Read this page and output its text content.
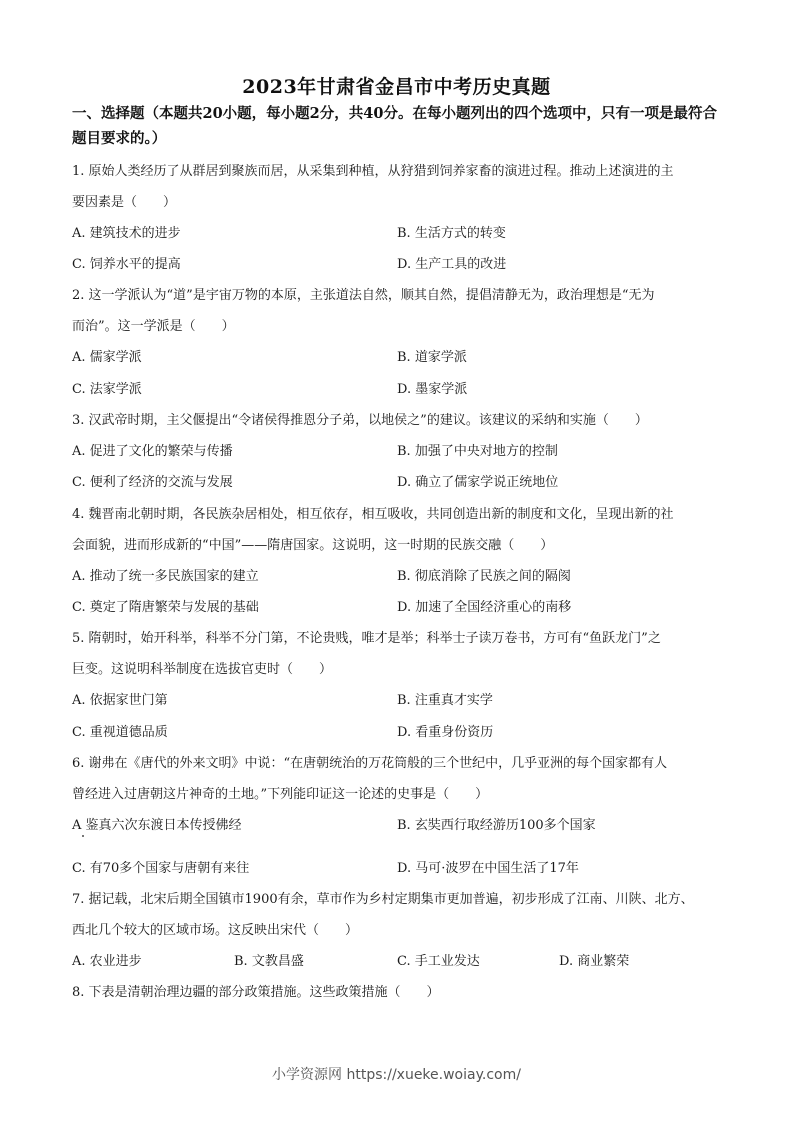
2023年甘肃省金昌市中考历史真题
一、选择题（本题共20小题，每小题2分，共40分。在每小题列出的四个选项中，只有一项是最符合题目要求的。）
1. 原始人类经历了从群居到聚族而居，从采集到种植，从狩猎到饲养家畜的演进过程。推动上述演进的主
要因素是（　　）
A. 建筑技术的进步	B. 生活方式的转变
C. 饲养水平的提高	D. 生产工具的改进
2. 这一学派认为“道”是宇宙万物的本原，主张道法自然，顺其自然，提倡清静无为，政治理想是“无为
而治”。这一学派是（　　）
A. 儒家学派	B. 道家学派
C. 法家学派	D. 墨家学派
3. 汉武帝时期，主父偃提出“令诸侯得推恩分子弟，以地侯之”的建议。该建议的采纳和实施（　　）
A. 促进了文化的繁荣与传播	B. 加强了中央对地方的控制
C. 便利了经济的交流与发展	D. 确立了儒家学说正统地位
4. 魏晋南北朝时期，各民族杂居相处，相互依存，相互吸收，共同创造出新的制度和文化，呈现出新的社
会面貌，进而形成新的“中国”——隋唐国家。这说明，这一时期的民族交融（　　）
A. 推动了统一多民族国家的建立	B. 彻底消除了民族之间的隔阂
C. 奠定了隋唐繁荣与发展的基础	D. 加速了全国经济重心的南移
5. 隋朝时，始开科举，科举不分门第，不论贵贱，唯才是举；科举士子读万卷书，方可有“鱼跃龙门”之
巨变。这说明科举制度在选拔官吏时（　　）
A. 依据家世门第	B. 注重真才实学
C. 重视道德品质	D. 看重身份资历
6. 谢弗在《唐代的外来文明》中说：“在唐朝统治的万花筒般的三个世纪中，几乎亚洲的每个国家都有人
曾经进入过唐朝这片神奇的土地。”下列能印证这一论述的史事是（　　）
A 鉴真六次东渡日本传授佛经	B. 玄奘西行取经游历100多个国家
C. 有70多个国家与唐朝有来往	D. 马可·波罗在中国生活了17年
7. 据记载，北宋后期全国镇市1900有余，草市作为乡村定期集市更加普遍，初步形成了江南、川陕、北方、
西北几个较大的区域市场。这反映出宋代（　　）
A. 农业进步	B. 文教昌盛	C. 手工业发达	D. 商业繁荣
8. 下表是清朝治理边疆的部分政策措施。这些政策措施（　　）
小学资源网 https://xueke.woiay.com/
